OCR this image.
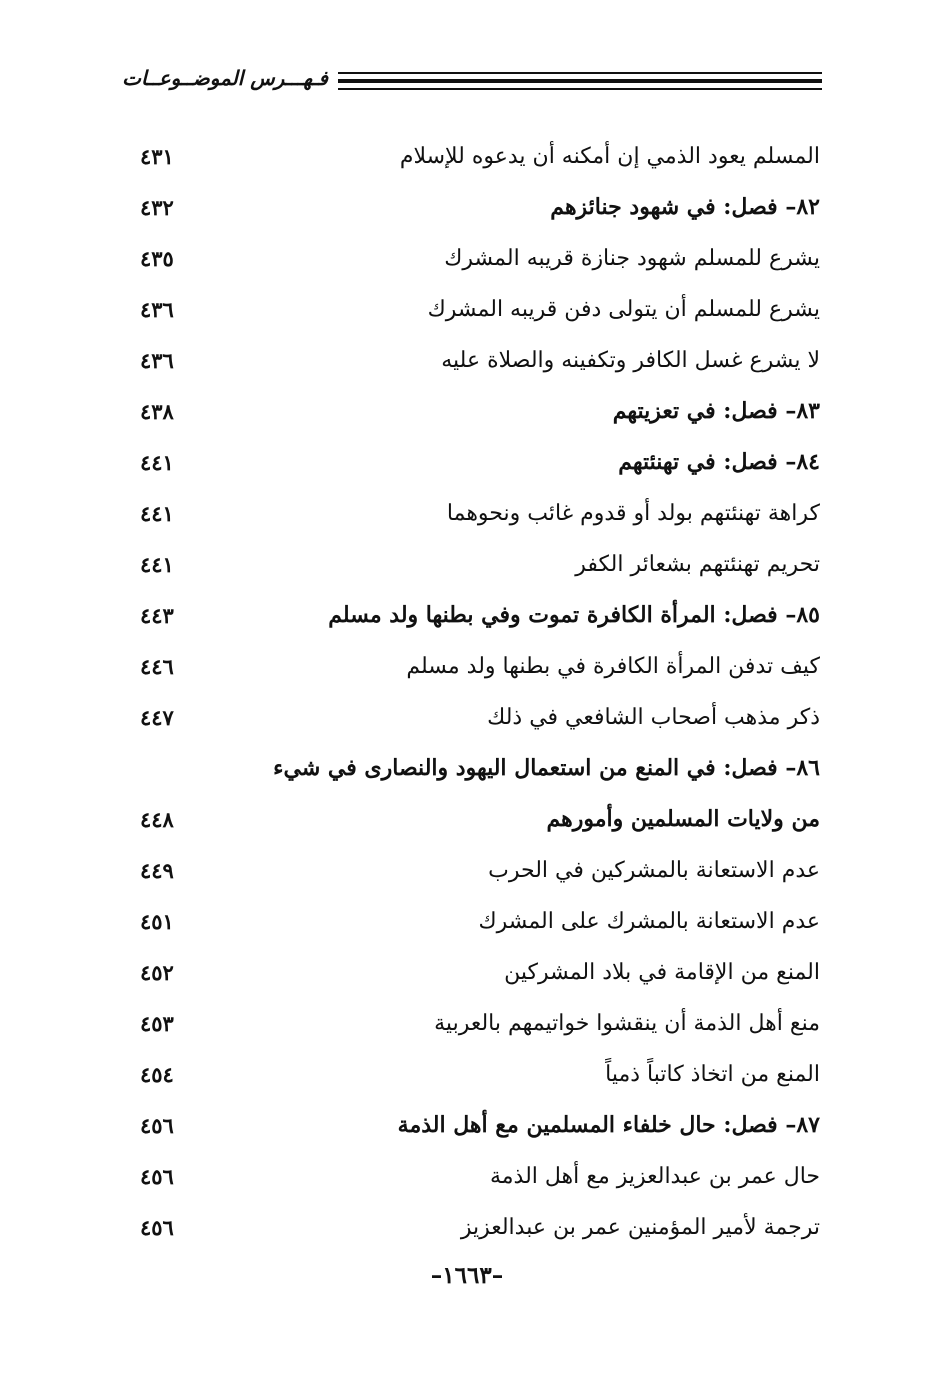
فـهـــرس الموضــوعــات
المسلم يعود الذمي إن أمكنه أن يدعوه للإسلام
٤٣١
٨٢– فصل: في شهود جنائزهم
٤٣٢
يشرع للمسلم شهود جنازة قريبه المشرك
٤٣٥
يشرع للمسلم أن يتولى دفن قريبه المشرك
٤٣٦
لا يشرع غسل الكافر وتكفينه والصلاة عليه
٤٣٦
٨٣– فصل: في تعزيتهم
٤٣٨
٨٤– فصل: في تهنئتهم
٤٤١
كراهة تهنئتهم بولد أو قدوم غائب ونحوهما
٤٤١
تحريم تهنئتهم بشعائر الكفر
٤٤١
٨٥– فصل: المرأة الكافرة تموت وفي بطنها ولد مسلم
٤٤٣
كيف تدفن المرأة الكافرة في بطنها ولد مسلم
٤٤٦
ذكر مذهب أصحاب الشافعي في ذلك
٤٤٧
٨٦– فصل: في المنع من استعمال اليهود والنصارى في شيء من ولايات المسلمين وأمورهم
٤٤٨
عدم الاستعانة بالمشركين في الحرب
٤٤٩
عدم الاستعانة بالمشرك على المشرك
٤٥١
المنع من الإقامة في بلاد المشركين
٤٥٢
منع أهل الذمة أن ينقشوا خواتيمهم بالعربية
٤٥٣
المنع من اتخاذ كاتباً ذمياً
٤٥٤
٨٧– فصل: حال خلفاء المسلمين مع أهل الذمة
٤٥٦
حال عمر بن عبدالعزيز مع أهل الذمة
٤٥٦
ترجمة لأمير المؤمنين عمر بن عبدالعزيز
٤٥٦
–١٦٦٣–
